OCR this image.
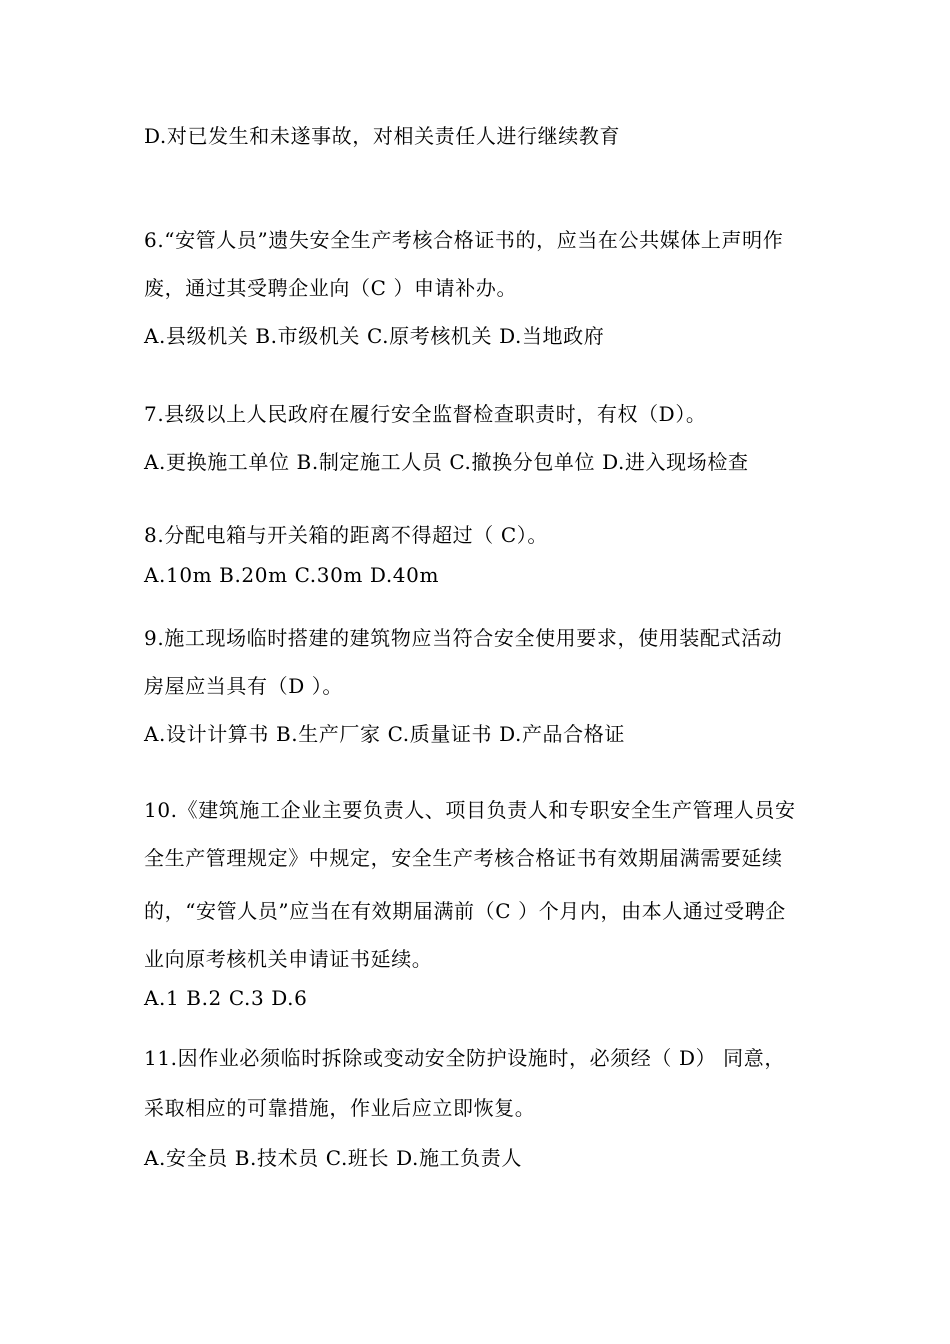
D.对已发生和未遂事故，对相关责任人进行继续教育
6.“安管人员”遗失安全生产考核合格证书的，应当在公共媒体上声明作
废，通过其受聘企业向（C ）申请补办。
A.县级机关 B.市级机关 C.原考核机关 D.当地政府
7.县级以上人民政府在履行安全监督检查职责时，有权（D）。
A.更换施工单位 B.制定施工人员 C.撤换分包单位 D.进入现场检查
8.分配电箱与开关箱的距离不得超过（ C）。
A.10m B.20m C.30m D.40m
9.施工现场临时搭建的建筑物应当符合安全使用要求，使用装配式活动
房屋应当具有（D ）。
A.设计计算书 B.生产厂家 C.质量证书 D.产品合格证
10.《建筑施工企业主要负责人、项目负责人和专职安全生产管理人员安
全生产管理规定》中规定，安全生产考核合格证书有效期届满需要延续
的，“安管人员”应当在有效期届满前（C ）个月内，由本人通过受聘企
业向原考核机关申请证书延续。
A.1 B.2 C.3 D.6
11.因作业必须临时拆除或变动安全防护设施时，必须经（ D） 同意，
采取相应的可靠措施，作业后应立即恢复。
A.安全员 B.技术员 C.班长 D.施工负责人
